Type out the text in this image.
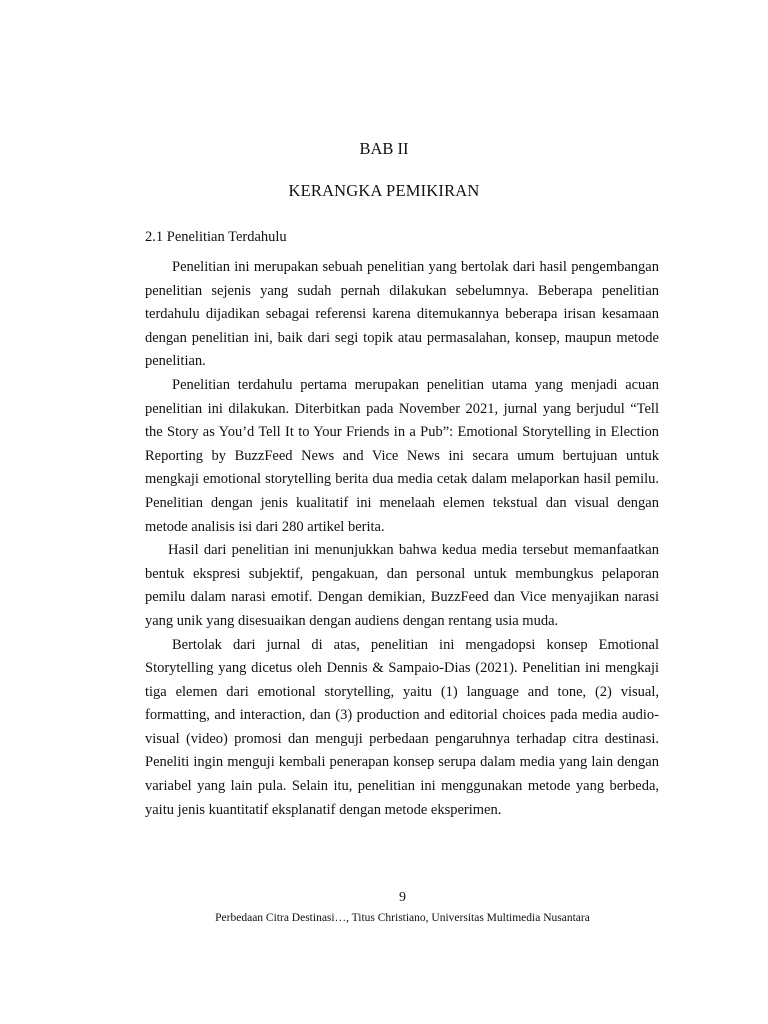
BAB II
KERANGKA PEMIKIRAN
2.1 Penelitian Terdahulu

Penelitian ini merupakan sebuah penelitian yang bertolak dari hasil pengembangan penelitian sejenis yang sudah pernah dilakukan sebelumnya. Beberapa penelitian terdahulu dijadikan sebagai referensi karena ditemukannya beberapa irisan kesamaan dengan penelitian ini, baik dari segi topik atau permasalahan, konsep, maupun metode penelitian.

Penelitian terdahulu pertama merupakan penelitian utama yang menjadi acuan penelitian ini dilakukan. Diterbitkan pada November 2021, jurnal yang berjudul “Tell the Story as You’d Tell It to Your Friends in a Pub”: Emotional Storytelling in Election Reporting by BuzzFeed News and Vice News ini secara umum bertujuan untuk mengkaji emotional storytelling berita dua media cetak dalam melaporkan hasil pemilu. Penelitian dengan jenis kualitatif ini menelaah elemen tekstual dan visual dengan metode analisis isi dari 280 artikel berita.

Hasil dari penelitian ini menunjukkan bahwa kedua media tersebut memanfaatkan bentuk ekspresi subjektif, pengakuan, dan personal untuk membungkus pelaporan pemilu dalam narasi emotif. Dengan demikian, BuzzFeed dan Vice menyajikan narasi yang unik yang disesuaikan dengan audiens dengan rentang usia muda.

Bertolak dari jurnal di atas, penelitian ini mengadopsi konsep Emotional Storytelling yang dicetus oleh Dennis & Sampaio-Dias (2021). Penelitian ini mengkaji tiga elemen dari emotional storytelling, yaitu (1) language and tone, (2) visual, formatting, and interaction, dan (3) production and editorial choices pada media audio-visual (video) promosi dan menguji perbedaan pengaruhnya terhadap citra destinasi. Peneliti ingin menguji kembali penerapan konsep serupa dalam media yang lain dengan variabel yang lain pula. Selain itu, penelitian ini menggunakan metode yang berbeda, yaitu jenis kuantitatif eksplanatif dengan metode eksperimen.

9
Perbedaan Citra Destinasi…, Titus Christiano, Universitas Multimedia Nusantara
